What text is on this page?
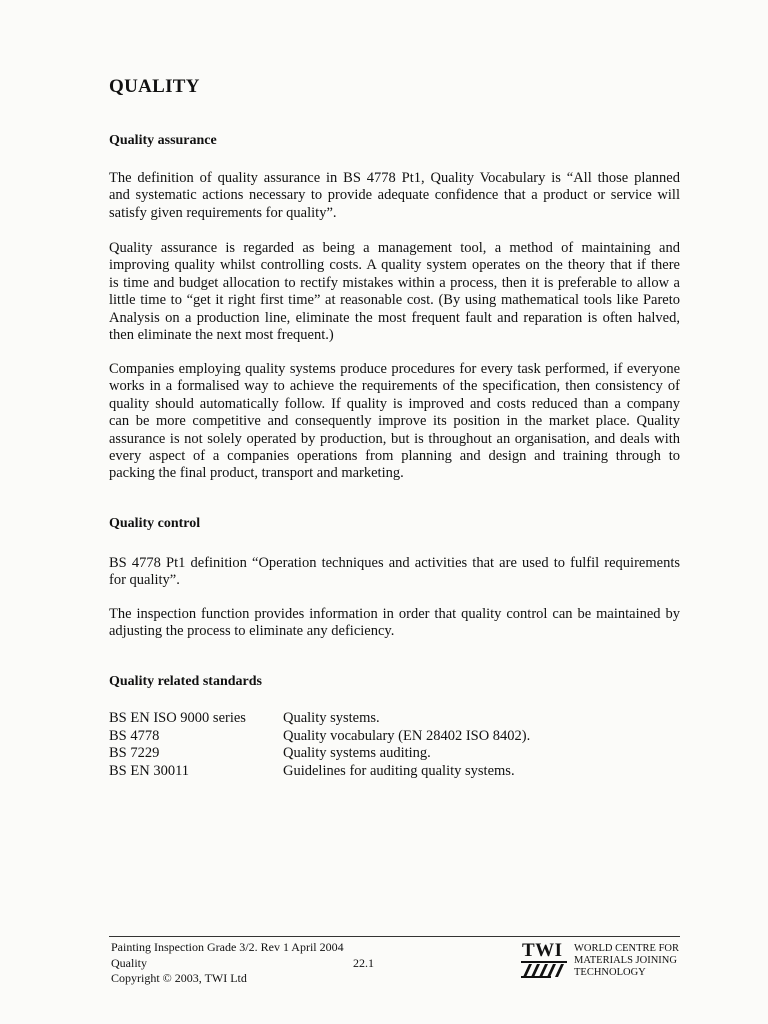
QUALITY
Quality assurance
The definition of quality assurance in BS 4778 Pt1, Quality Vocabulary is “All those planned
and systematic actions necessary to provide adequate confidence that a product or service will
satisfy given requirements for quality”.
Quality assurance is regarded as being a management tool, a method of maintaining and
improving quality whilst controlling costs. A quality system operates on the theory that if there
is time and budget allocation to rectify mistakes within a process, then it is preferable to allow a
little time to “get it right first time” at reasonable cost. (By using mathematical tools like Pareto
Analysis on a production line, eliminate the most frequent fault and reparation is often halved,
then eliminate the next most frequent.)
Companies employing quality systems produce procedures for every task performed, if everyone
works in a formalised way to achieve the requirements of the specification, then consistency of
quality should automatically follow. If quality is improved and costs reduced than a company
can be more competitive and consequently improve its position in the market place. Quality
assurance is not solely operated by production, but is throughout an organisation, and deals with
every aspect of a companies operations from planning and design and training through to
packing the final product, transport and marketing.
Quality control
BS 4778 Pt1 definition “Operation techniques and activities that are used to fulfil requirements
for quality”.
The inspection function provides information in order that quality control can be maintained by
adjusting the process to eliminate any deficiency.
Quality related standards
BS EN ISO 9000 series	Quality systems.
BS 4778	Quality vocabulary (EN 28402 ISO 8402).
BS 7229	Quality systems auditing.
BS EN 30011	Guidelines for auditing quality systems.
Painting Inspection Grade 3/2. Rev 1 April 2004
Quality
Copyright © 2003, TWI Ltd
22.1
TWI WORLD CENTRE FOR
MATERIALS JOINING
TECHNOLOGY
